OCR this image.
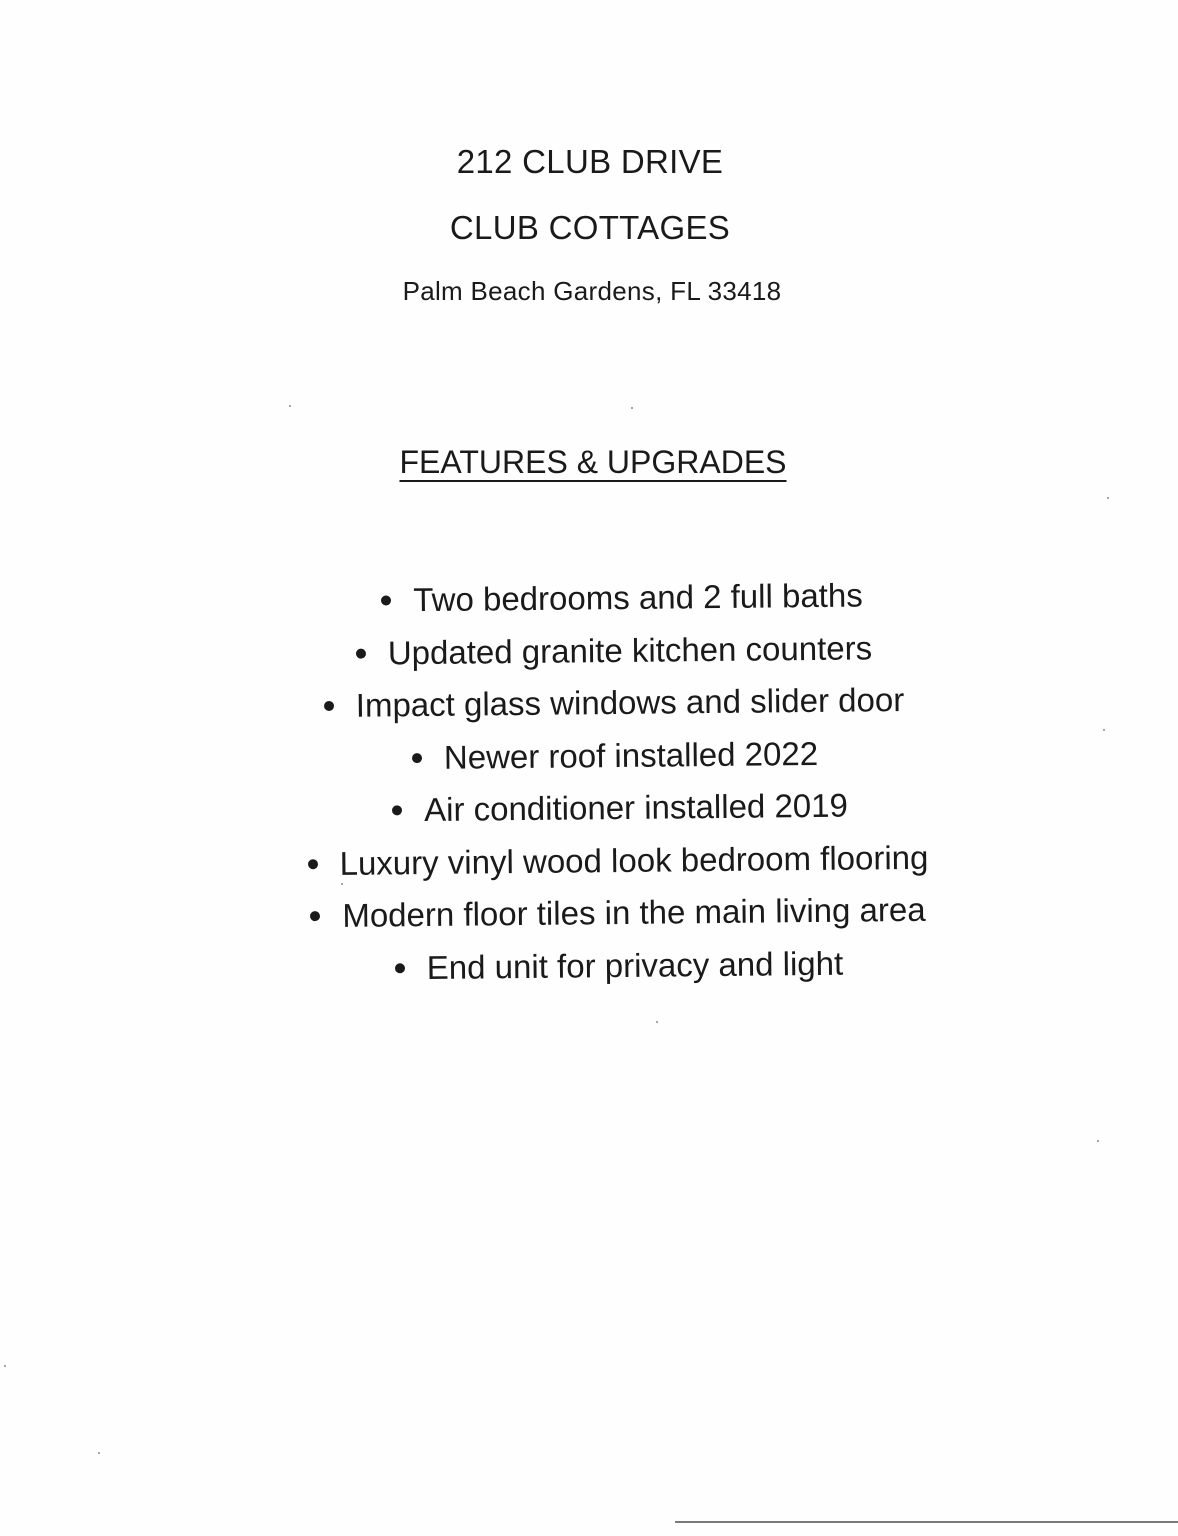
212 CLUB DRIVE
CLUB COTTAGES
Palm Beach Gardens, FL 33418
FEATURES & UPGRADES
Two bedrooms and 2 full baths
Updated granite kitchen counters
Impact glass windows and slider door
Newer roof installed 2022
Air conditioner installed 2019
Luxury vinyl wood look bedroom flooring
Modern floor tiles in the main living area
End unit for privacy and light
